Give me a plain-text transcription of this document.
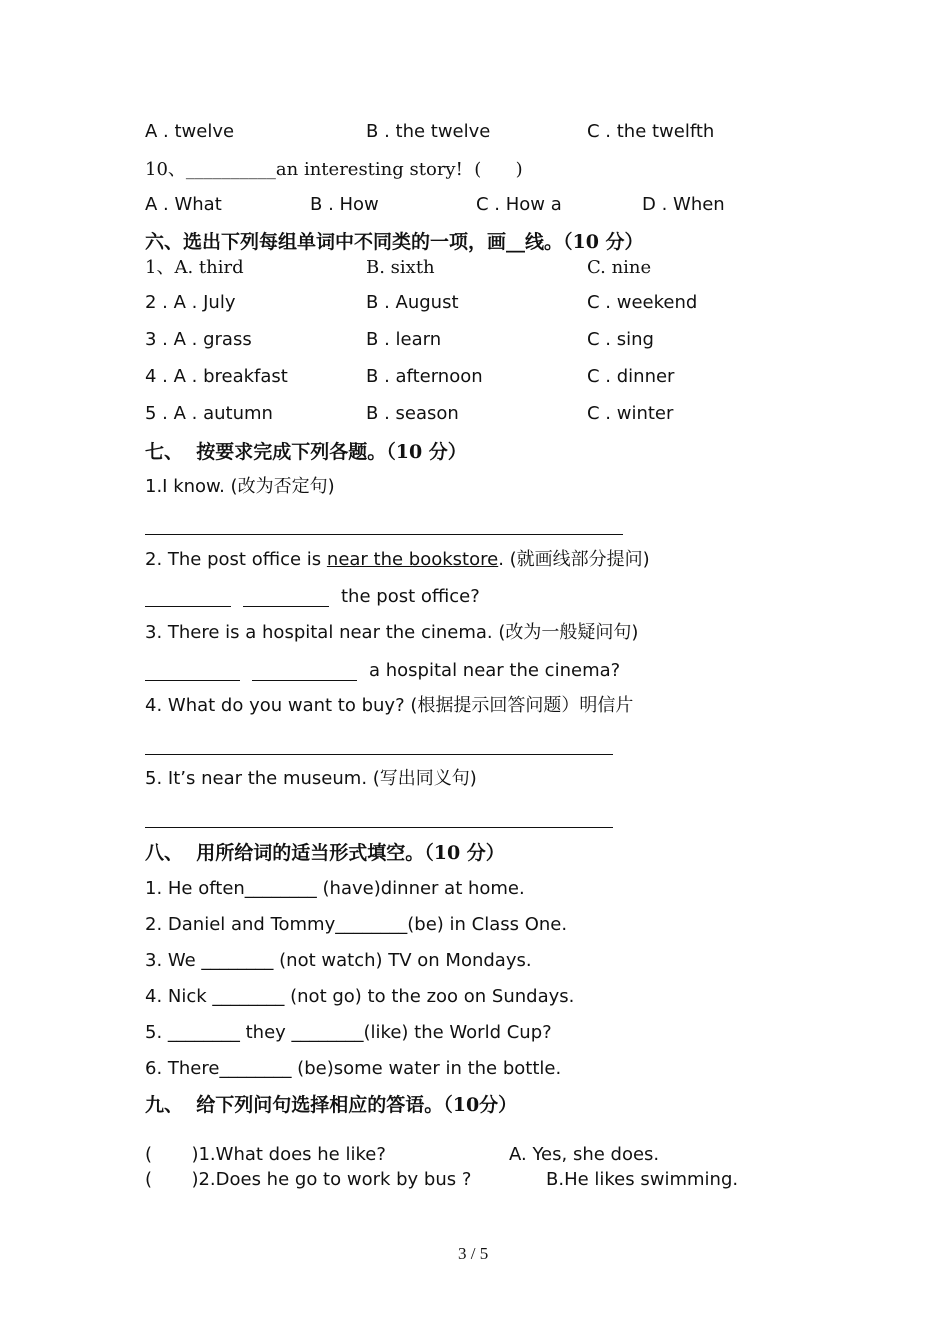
A . twelve	B . the twelve	C . the twelfth
10、__________an interesting story!  (      )
A . What	B . How	C . How a	D . When
六、选出下列每组单词中不同类的一项，画__线。（10 分）
1、A. third	B. sixth	C. nine
2 . A . July	B . August	C . weekend
3 . A . grass	B . learn	C . sing
4 . A . breakfast	B . afternoon	C . dinner
5 . A . autumn	B . season	C . winter
七、  按要求完成下列各题。（10 分）
1.I know. (改为否定句)
2. The post office is near the bookstore. (就画线部分提问)
the post office?
3. There is a hospital near the cinema. (改为一般疑问句)
a hospital near the cinema?
4. What do you want to buy? (根据提示回答问题）明信片
5. It’s near the museum. (写出同义句)
八、  用所给词的适当形式填空。（10 分）
1. He often________ (have)dinner at home.
2. Daniel and Tommy________(be) in Class One.
3. We ________ (not watch) TV on Mondays.
4. Nick ________ (not go) to the zoo on Sundays.
5. ________ they ________(like) the World Cup?
6. There________ (be)some water in the bottle.
九、  给下列问句选择相应的答语。（10分）
( )1.What does he like?	A. Yes, she does.
( )2.Does he go to work by bus ?	B.He likes swimming.
3 / 5
